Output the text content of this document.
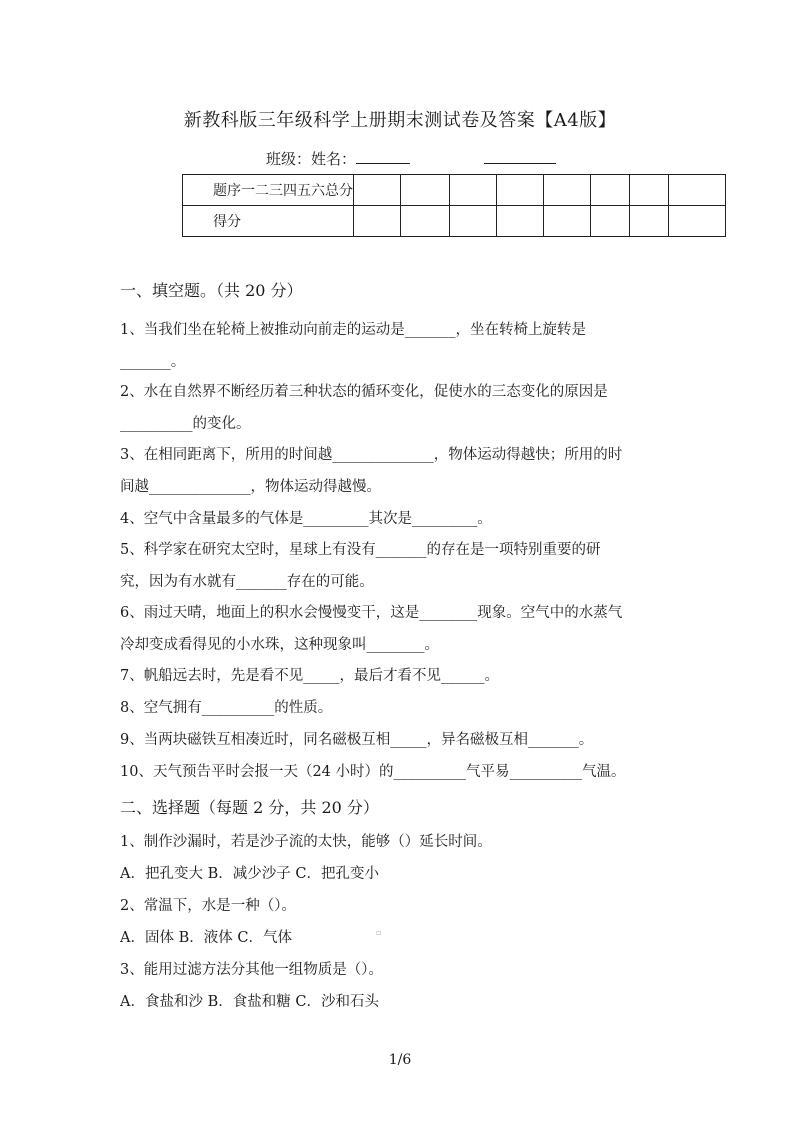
新教科版三年级科学上册期末测试卷及答案【A4版】
班级：姓名：
题序一二三四五六总分								
得分								
一、填空题。（共 20 分）
1、当我们坐在轮椅上被推动向前走的运动是_______，坐在转椅上旋转是
_______。
2、水在自然界不断经历着三种状态的循环变化，促使水的三态变化的原因是
__________的变化。
3、在相同距离下，所用的时间越______________，物体运动得越快；所用的时
间越______________，物体运动得越慢。
4、空气中含量最多的气体是_________其次是_________。
5、科学家在研究太空时，星球上有没有_______的存在是一项特别重要的研
究，因为有水就有_______存在的可能。
6、雨过天晴，地面上的积水会慢慢变干，这是________现象。空气中的水蒸气
冷却变成看得见的小水珠，这种现象叫________。
7、帆船远去时，先是看不见_____，最后才看不见______。
8、空气拥有__________的性质。
9、当两块磁铁互相凑近时，同名磁极互相_____，异名磁极互相_______。
10、天气预告平时会报一天（24 小时）的__________气平易__________气温。
二、选择题（每题 2 分，共 20 分）
1、制作沙漏时，若是沙子流的太快，能够（）延长时间。
A．把孔变大 B．减少沙子 C．把孔变小
2、常温下，水是一种（）。
A．固体 B．液体 C．气体
3、能用过滤方法分其他一组物质是（）。
A．食盐和沙 B．食盐和糖 C．沙和石头
▫
1/6
